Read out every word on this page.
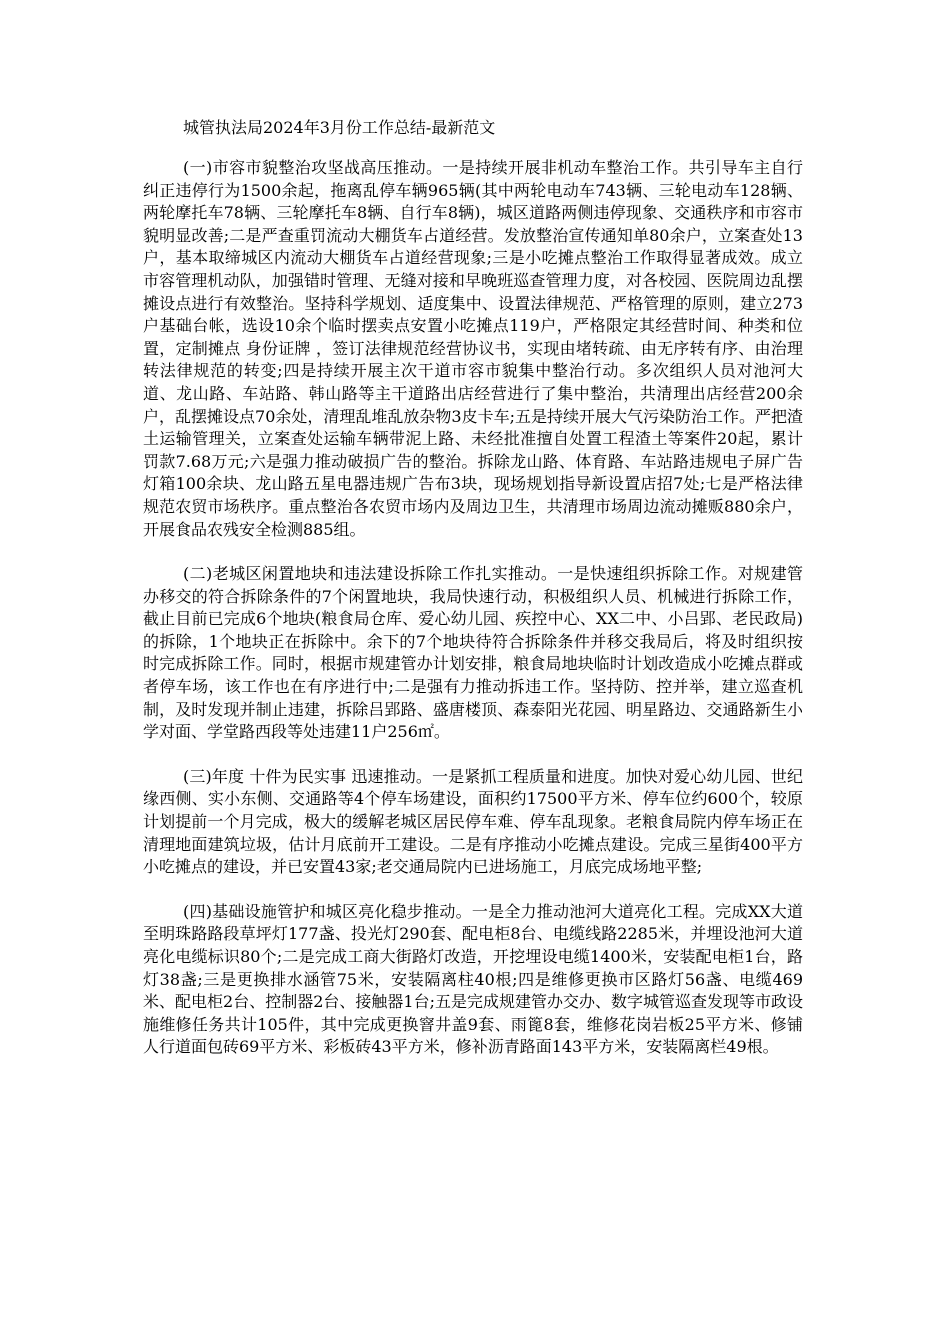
城管执法局2024年3月份工作总结-最新范文

(一)市容市貌整治攻坚战高压推动。一是持续开展非机动车整治工作。共引导车主自行纠正违停行为1500余起，拖离乱停车辆965辆(其中两轮电动车743辆、三轮电动车128辆、两轮摩托车78辆、三轮摩托车8辆、自行车8辆)，城区道路两侧违停现象、交通秩序和市容市貌明显改善;二是严查重罚流动大棚货车占道经营。发放整治宣传通知单80余户，立案查处13户，基本取缔城区内流动大棚货车占道经营现象;三是小吃摊点整治工作取得显著成效。成立市容管理机动队，加强错时管理、无缝对接和早晚班巡查管理力度，对各校园、医院周边乱摆摊设点进行有效整治。坚持科学规划、适度集中、设置法律规范、严格管理的原则，建立273户基础台帐，选设10余个临时摆卖点安置小吃摊点119户，严格限定其经营时间、种类和位置，定制摊点 身份证牌 ，签订法律规范经营协议书，实现由堵转疏、由无序转有序、由治理转法律规范的转变;四是持续开展主次干道市容市貌集中整治行动。多次组织人员对池河大道、龙山路、车站路、韩山路等主干道路出店经营进行了集中整治，共清理出店经营200余户，乱摆摊设点70余处，清理乱堆乱放杂物3皮卡车;五是持续开展大气污染防治工作。严把渣土运输管理关，立案查处运输车辆带泥上路、未经批准擅自处置工程渣土等案件20起，累计罚款7.68万元;六是强力推动破损广告的整治。拆除龙山路、体育路、车站路违规电子屏广告灯箱100余块、龙山路五星电器违规广告布3块，现场规划指导新设置店招7处;七是严格法律规范农贸市场秩序。重点整治各农贸市场内及周边卫生，共清理市场周边流动摊贩880余户，开展食品农残安全检测885组。

(二)老城区闲置地块和违法建设拆除工作扎实推动。一是快速组织拆除工作。对规建管办移交的符合拆除条件的7个闲置地块，我局快速行动，积极组织人员、机械进行拆除工作，截止目前已完成6个地块(粮食局仓库、爱心幼儿园、疾控中心、XX二中、小吕郢、老民政局)的拆除，1个地块正在拆除中。余下的7个地块待符合拆除条件并移交我局后，将及时组织按时完成拆除工作。同时，根据市规建管办计划安排，粮食局地块临时计划改造成小吃摊点群或者停车场，该工作也在有序进行中;二是强有力推动拆违工作。坚持防、控并举，建立巡查机制，及时发现并制止违建，拆除吕郢路、盛唐楼顶、森泰阳光花园、明星路边、交通路新生小学对面、学堂路西段等处违建11户256㎡。

(三)年度 十件为民实事 迅速推动。一是紧抓工程质量和进度。加快对爱心幼儿园、世纪缘西侧、实小东侧、交通路等4个停车场建设，面积约17500平方米、停车位约600个，较原计划提前一个月完成，极大的缓解老城区居民停车难、停车乱现象。老粮食局院内停车场正在清理地面建筑垃圾，估计月底前开工建设。二是有序推动小吃摊点建设。完成三星街400平方小吃摊点的建设，并已安置43家;老交通局院内已进场施工，月底完成场地平整;

(四)基础设施管护和城区亮化稳步推动。一是全力推动池河大道亮化工程。完成XX大道至明珠路路段草坪灯177盏、投光灯290套、配电柜8台、电缆线路2285米，并埋设池河大道亮化电缆标识80个;二是完成工商大街路灯改造，开挖埋设电缆1400米，安装配电柜1台，路灯38盏;三是更换排水涵管75米，安装隔离柱40根;四是维修更换市区路灯56盏、电缆469米、配电柜2台、控制器2台、接触器1台;五是完成规建管办交办、数字城管巡查发现等市政设施维修任务共计105件，其中完成更换窨井盖9套、雨篦8套，维修花岗岩板25平方米、修铺人行道面包砖69平方米、彩板砖43平方米，修补沥青路面143平方米，安装隔离栏49根。
